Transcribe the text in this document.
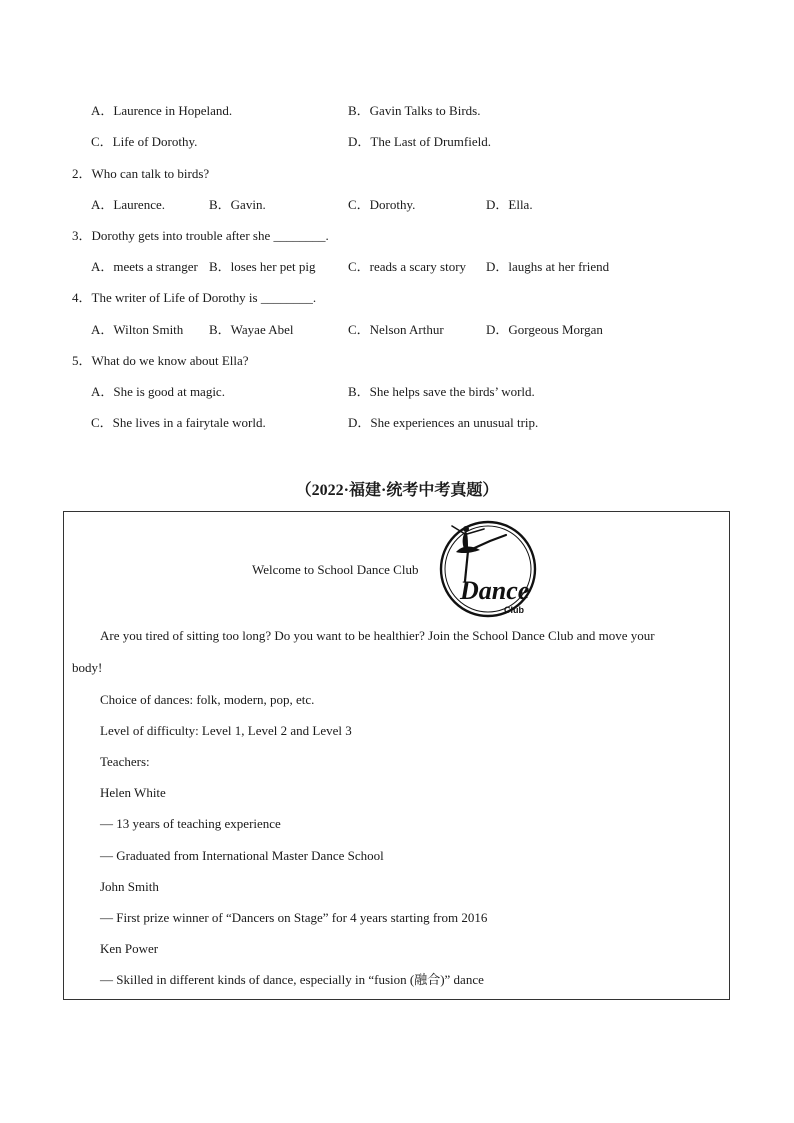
A．Laurence in Hopeland.	B．Gavin Talks to Birds.
C．Life of Dorothy.	D．The Last of Drumfield.
2．Who can talk to birds?
A．Laurence.	B．Gavin.	C．Dorothy.	D．Ella.
3．Dorothy gets into trouble after she ________.
A．meets a stranger B．loses her pet pig C．reads a scary story D．laughs at her friend
4．The writer of Life of Dorothy is ________.
A．Wilton Smith B．Wayae Abel	C．Nelson Arthur	D．Gorgeous Morgan
5．What do we know about Ella?
A．She is good at magic.	B．She helps save the birds’ world.
C．She lives in a fairytale world.	D．She experiences an unusual trip.
（2022·福建·统考中考真题）
Welcome to School Dance Club
Dance
Club
Are you tired of sitting too long? Do you want to be healthier? Join the School Dance Club and move your
body!
Choice of dances: folk, modern, pop, etc.
Level of difficulty: Level 1, Level 2 and Level 3
Teachers:
Helen White
— 13 years of teaching experience
— Graduated from International Master Dance School
John Smith
— First prize winner of “Dancers on Stage” for 4 years starting from 2016
Ken Power
— Skilled in different kinds of dance, especially in “fusion (融合)” dance
